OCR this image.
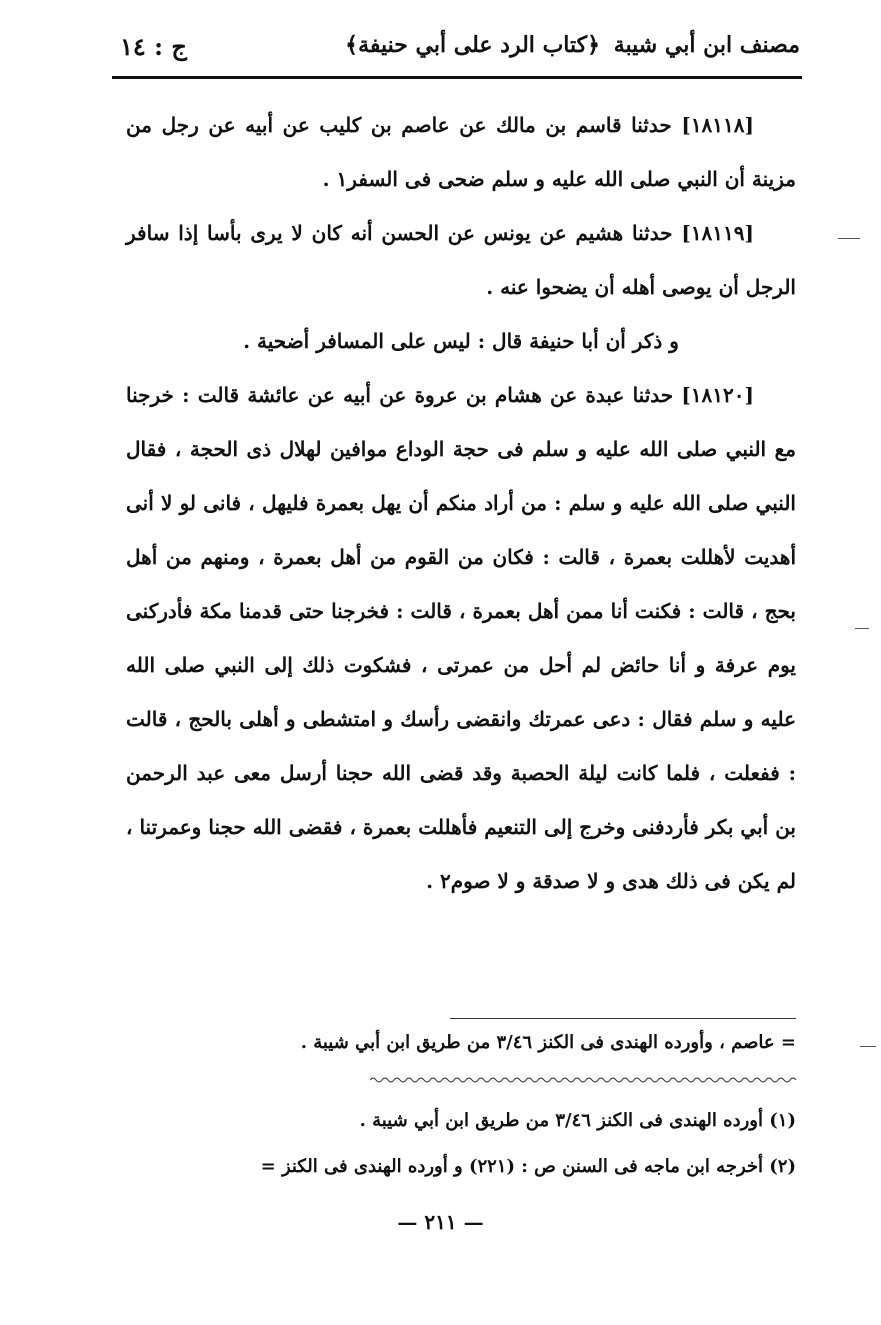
مصنف ابن أبي شيبة
﴿كتاب الرد على أبي حنيفة﴾
ج : ١٤

[١٨١١٨] حدثنا قاسم بن مالك عن عاصم بن كليب عن أبيه عن رجل من مزينة أن النبي صلى الله عليه و سلم ضحى فى السفر١ .

[١٨١١٩] حدثنا هشيم عن يونس عن الحسن أنه كان لا يرى بأسا إذا سافر الرجل أن يوصى أهله أن يضحوا عنه .

و ذكر أن أبا حنيفة قال : ليس على المسافر أضحية .

[١٨١٢٠] حدثنا عبدة عن هشام بن عروة عن أبيه عن عائشة قالت : خرجنا مع النبي صلى الله عليه و سلم فى حجة الوداع موافين لهلال ذى الحجة ، فقال النبي صلى الله عليه و سلم : من أراد منكم أن يهل بعمرة فليهل ، فانى لو لا أنى أهديت لأهللت بعمرة ، قالت : فكان من القوم من أهل بعمرة ، ومنهم من أهل بحج ، قالت : فكنت أنا ممن أهل بعمرة ، قالت : فخرجنا حتى قدمنا مكة فأدركنى يوم عرفة و أنا حائض لم أحل من عمرتى ، فشكوت ذلك إلى النبي صلى الله عليه و سلم فقال : دعى عمرتك وانقضى رأسك و امتشطى و أهلى بالحج ، قالت : ففعلت ، فلما كانت ليلة الحصبة وقد قضى الله حجنا أرسل معى عبد الرحمن بن أبي بكر فأردفنى وخرج إلى التنعيم فأهللت بعمرة ، فقضى الله حجنا وعمرتنا ، لم يكن فى ذلك هدى و لا صدقة و لا صوم٢ .

= عاصم ، وأورده الهندى فى الكنز ٣/٤٦ من طريق ابن أبي شيبة .

(١) أورده الهندى فى الكنز ٣/٤٦ من طريق ابن أبي شيبة .

(٢) أخرجه ابن ماجه فى السنن ص : (٢٢١) و أورده الهندى فى الكنز =

— ٢١١ —
